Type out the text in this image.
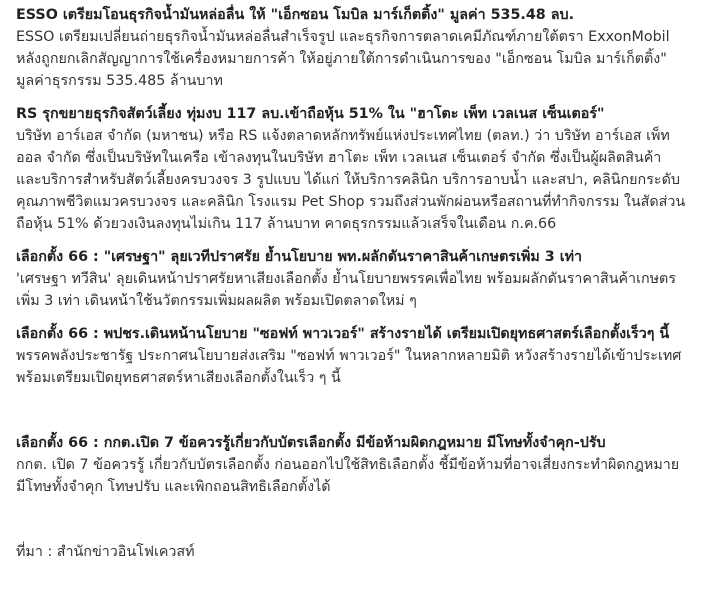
ESSO เตรียมโอนธุรกิจน้ำมันหล่อลื่น ให้ "เอ็กซอน โมบิล มาร์เก็ตติ้ง" มูลค่า 535.48 ลบ.
ESSO เตรียมเปลี่ยนถ่ายธุรกิจน้ำมันหล่อลื่นสำเร็จรูป และธุรกิจการตลาดเคมีภัณฑ์ภายใต้ตรา ExxonMobil
หลังถูกยกเลิกสัญญาการใช้เครื่องหมายการค้า ให้อยู่ภายใต้การดำเนินการของ "เอ็กซอน โมบิล มาร์เก็ตติ้ง"
มูลค่าธุรกรรม 535.485 ล้านบาท
RS รุกขยายธุรกิจสัตว์เลี้ยง ทุ่มงบ 117 ลบ.เข้าถือหุ้น 51% ใน "ฮาโตะ เพ็ท เวลเนส เซ็นเตอร์"
บริษัท อาร์เอส จำกัด (มหาชน) หรือ RS แจ้งตลาดหลักทรัพย์แห่งประเทศไทย (ตลท.) ว่า บริษัท อาร์เอส เพ็ท
ออล จำกัด ซึ่งเป็นบริษัทในเครือ เข้าลงทุนในบริษัท ฮาโตะ เพ็ท เวลเนส เซ็นเตอร์ จำกัด ซึ่งเป็นผู้ผลิตสินค้า
และบริการสำหรับสัตว์เลี้ยงครบวงจร 3 รูปแบบ ได้แก่ ให้บริการคลินิก บริการอาบน้ำ และสปา, คลินิกยกระดับ
คุณภาพชีวิตแมวครบวงจร และคลินิก โรงแรม Pet Shop รวมถึงส่วนพักผ่อนหรือสถานที่ทำกิจกรรม ในสัดส่วน
ถือหุ้น 51% ด้วยวงเงินลงทุนไม่เกิน 117 ล้านบาท คาดธุรกรรมแล้วเสร็จในเดือน ก.ค.66
เลือกตั้ง 66 : "เศรษฐา" ลุยเวทีปราศรัย ย้ำนโยบาย พท.ผลักดันราคาสินค้าเกษตรเพิ่ม 3 เท่า
'เศรษฐา ทวีสิน' ลุยเดินหน้าปราศรัยหาเสียงเลือกตั้ง ย้ำนโยบายพรรคเพื่อไทย พร้อมผลักดันราคาสินค้าเกษตร
เพิ่ม 3 เท่า เดินหน้าใช้นวัตกรรมเพิ่มผลผลิต พร้อมเปิดตลาดใหม่ ๆ
เลือกตั้ง 66 : พปชร.เดินหน้านโยบาย "ซอฟท์ พาวเวอร์" สร้างรายได้ เตรียมเปิดยุทธศาสตร์เลือกตั้งเร็วๆ นี้
พรรคพลังประชารัฐ ประกาศนโยบายส่งเสริม "ซอฟท์ พาวเวอร์" ในหลากหลายมิติ หวังสร้างรายได้เข้าประเทศ
พร้อมเตรียมเปิดยุทธศาสตร์หาเสียงเลือกตั้งในเร็ว ๆ นี้
เลือกตั้ง 66 : กกต.เปิด 7 ข้อควรรู้เกี่ยวกับบัตรเลือกตั้ง มีข้อห้ามผิดกฎหมาย มีโทษทั้งจำคุก-ปรับ
กกต. เปิด 7 ข้อควรรู้ เกี่ยวกับบัตรเลือกตั้ง ก่อนออกไปใช้สิทธิเลือกตั้ง ชี้มีข้อห้ามที่อาจเสี่ยงกระทำผิดกฎหมาย
มีโทษทั้งจำคุก โทษปรับ และเพิกถอนสิทธิเลือกตั้งได้
ที่มา : สำนักข่าวอินโฟเควสท์
